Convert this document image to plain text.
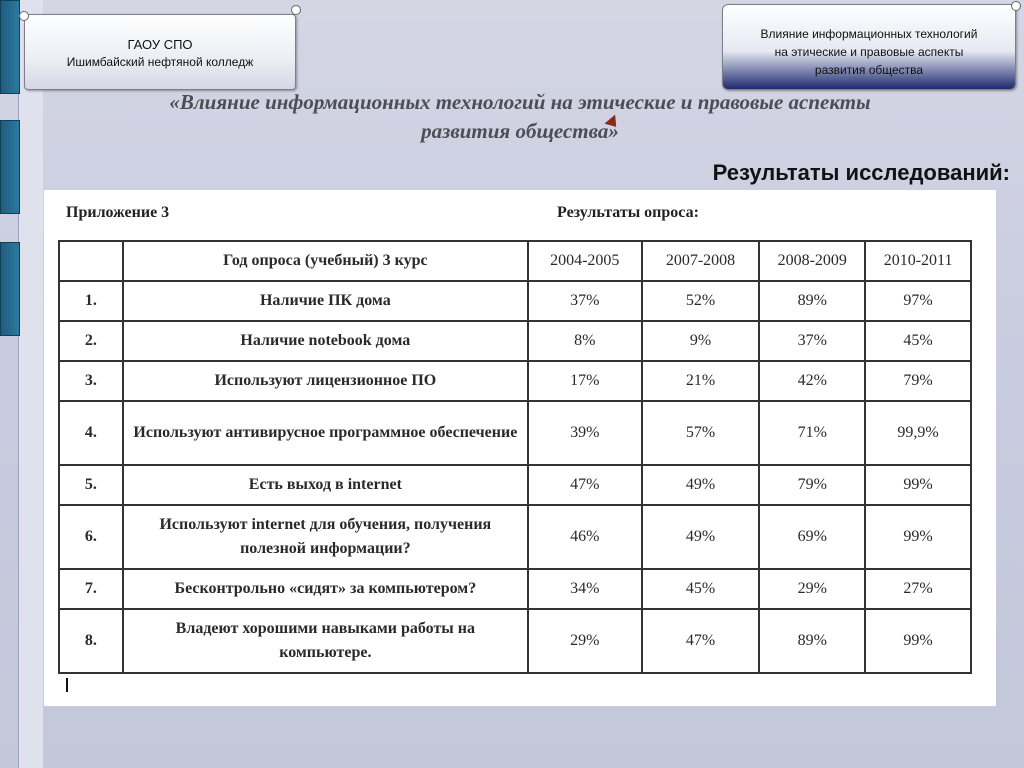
ГАОУ СПО
Ишимбайский нефтяной колледж
Влияние информационных технологий
на этические и правовые аспекты
развития общества
«Влияние информационных технологий на этические и правовые аспекты
развития общества»
Результаты исследований:
Приложение 3	Результаты опроса:
	Год опроса (учебный) 3 курс	2004-2005	2007-2008	2008-2009	2010-2011
1.	Наличие ПК дома	37%	52%	89%	97%
2.	Наличие notebook дома	8%	9%	37%	45%
3.	Используют лицензионное ПО	17%	21%	42%	79%
4.	Используют антивирусное программное обеспечение	39%	57%	71%	99,9%
5.	Есть выход в internet	47%	49%	79%	99%
6.	Используют internet для обучения, получения полезной информации?	46%	49%	69%	99%
7.	Бесконтрольно «сидят» за компьютером?	34%	45%	29%	27%
8.	Владеют хорошими навыками работы на компьютере.	29%	47%	89%	99%
